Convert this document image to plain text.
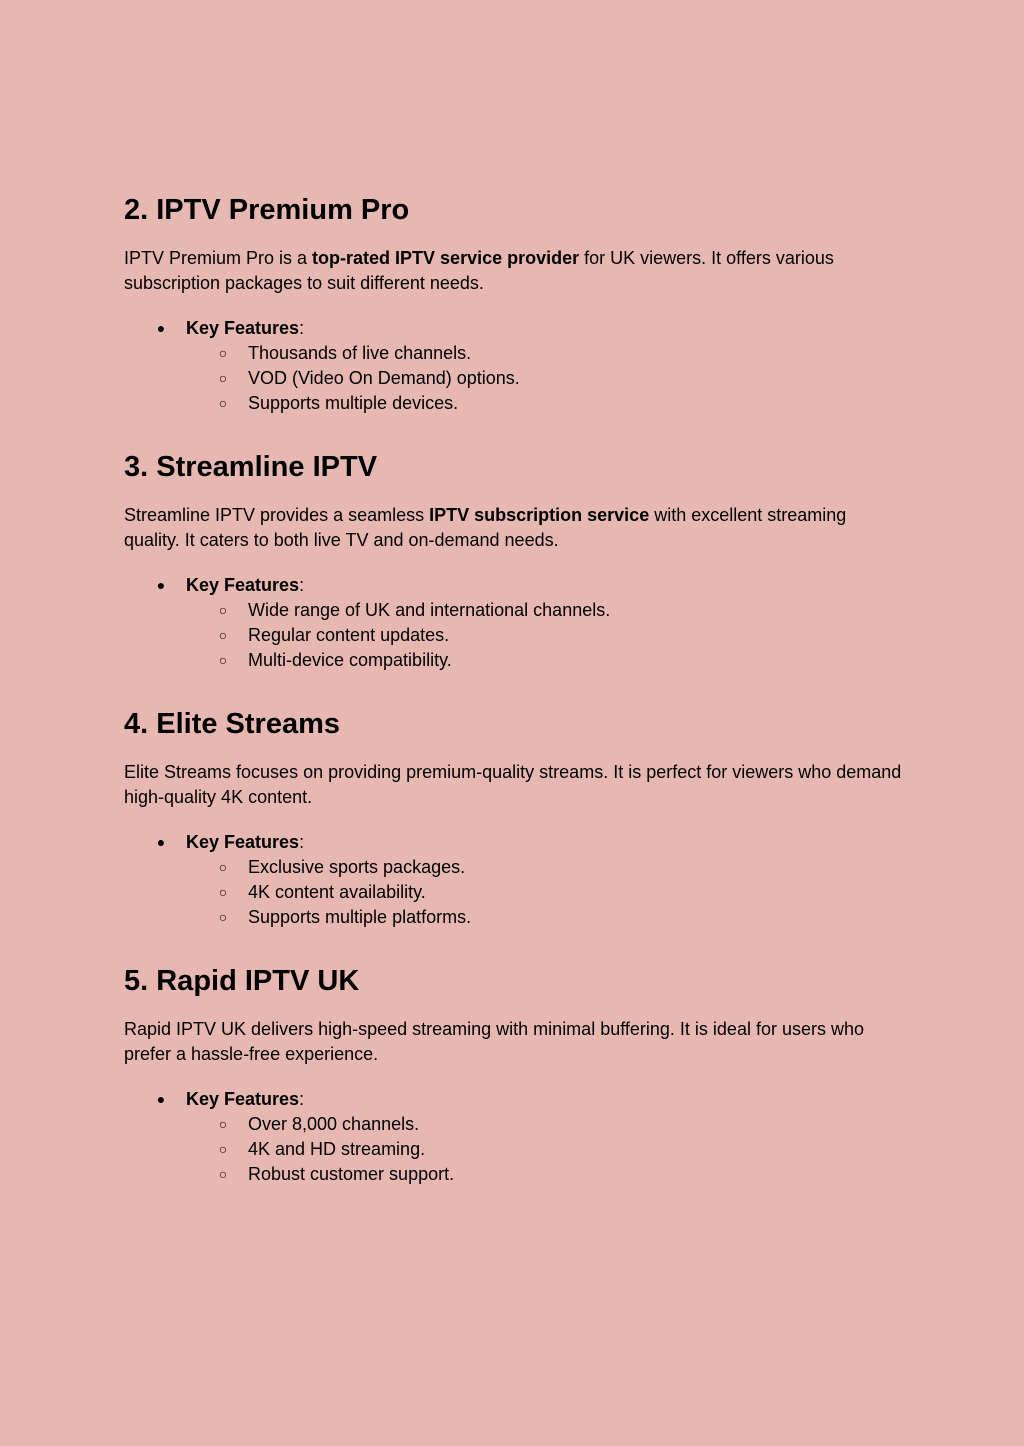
2. IPTV Premium Pro

IPTV Premium Pro is a top-rated IPTV service provider for UK viewers. It offers various subscription packages to suit different needs.

● Key Features:
○ Thousands of live channels.
○ VOD (Video On Demand) options.
○ Supports multiple devices.
3. Streamline IPTV

Streamline IPTV provides a seamless IPTV subscription service with excellent streaming quality. It caters to both live TV and on-demand needs.

● Key Features:
○ Wide range of UK and international channels.
○ Regular content updates.
○ Multi-device compatibility.
4. Elite Streams

Elite Streams focuses on providing premium-quality streams. It is perfect for viewers who demand high-quality 4K content.

● Key Features:
○ Exclusive sports packages.
○ 4K content availability.
○ Supports multiple platforms.
5. Rapid IPTV UK

Rapid IPTV UK delivers high-speed streaming with minimal buffering. It is ideal for users who prefer a hassle-free experience.

● Key Features:
○ Over 8,000 channels.
○ 4K and HD streaming.
○ Robust customer support.
